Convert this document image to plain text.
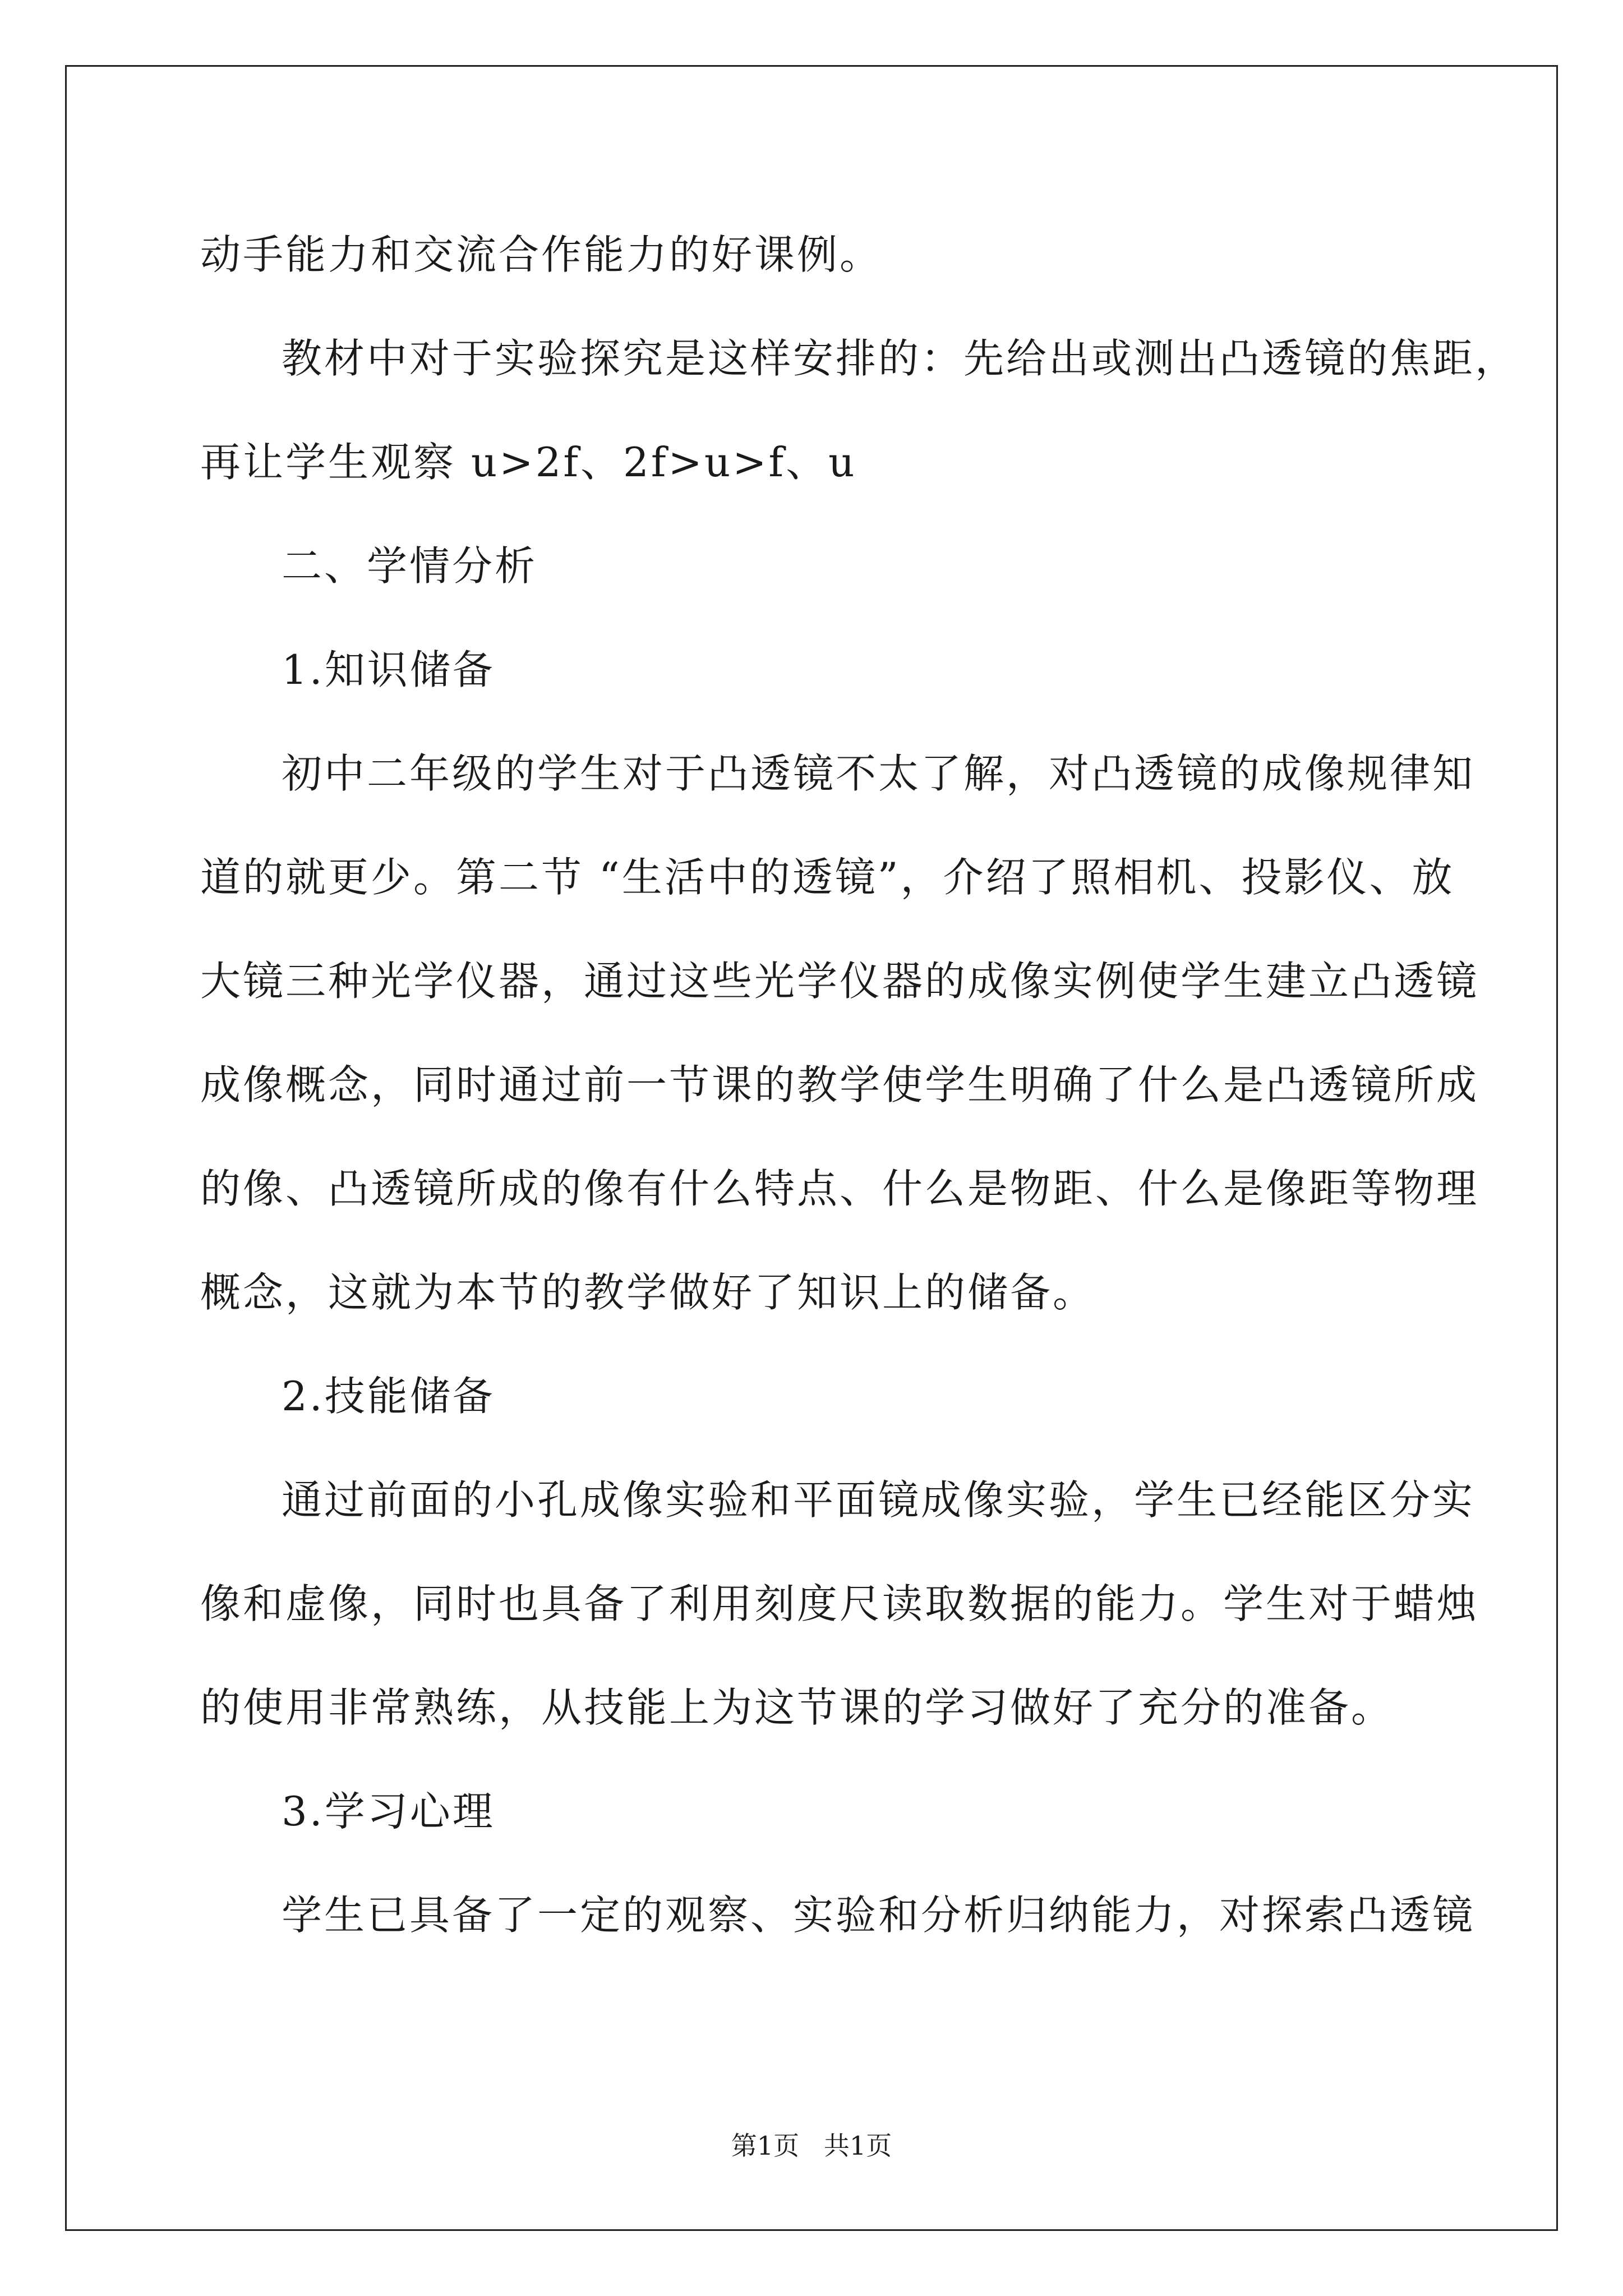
动手能力和交流合作能力的好课例。
教材中对于实验探究是这样安排的：先给出或测出凸透镜的焦距，
再让学生观察 u>2f、2f>u>f、u
二、学情分析
1.知识储备
初中二年级的学生对于凸透镜不太了解，对凸透镜的成像规律知
道的就更少。第二节 “生活中的透镜”，介绍了照相机、投影仪、放
大镜三种光学仪器，通过这些光学仪器的成像实例使学生建立凸透镜
成像概念，同时通过前一节课的教学使学生明确了什么是凸透镜所成
的像、凸透镜所成的像有什么特点、什么是物距、什么是像距等物理
概念，这就为本节的教学做好了知识上的储备。
2.技能储备
通过前面的小孔成像实验和平面镜成像实验，学生已经能区分实
像和虚像，同时也具备了利用刻度尺读取数据的能力。学生对于蜡烛
的使用非常熟练，从技能上为这节课的学习做好了充分的准备。
3.学习心理
学生已具备了一定的观察、实验和分析归纳能力，对探索凸透镜
第1页   共1页
